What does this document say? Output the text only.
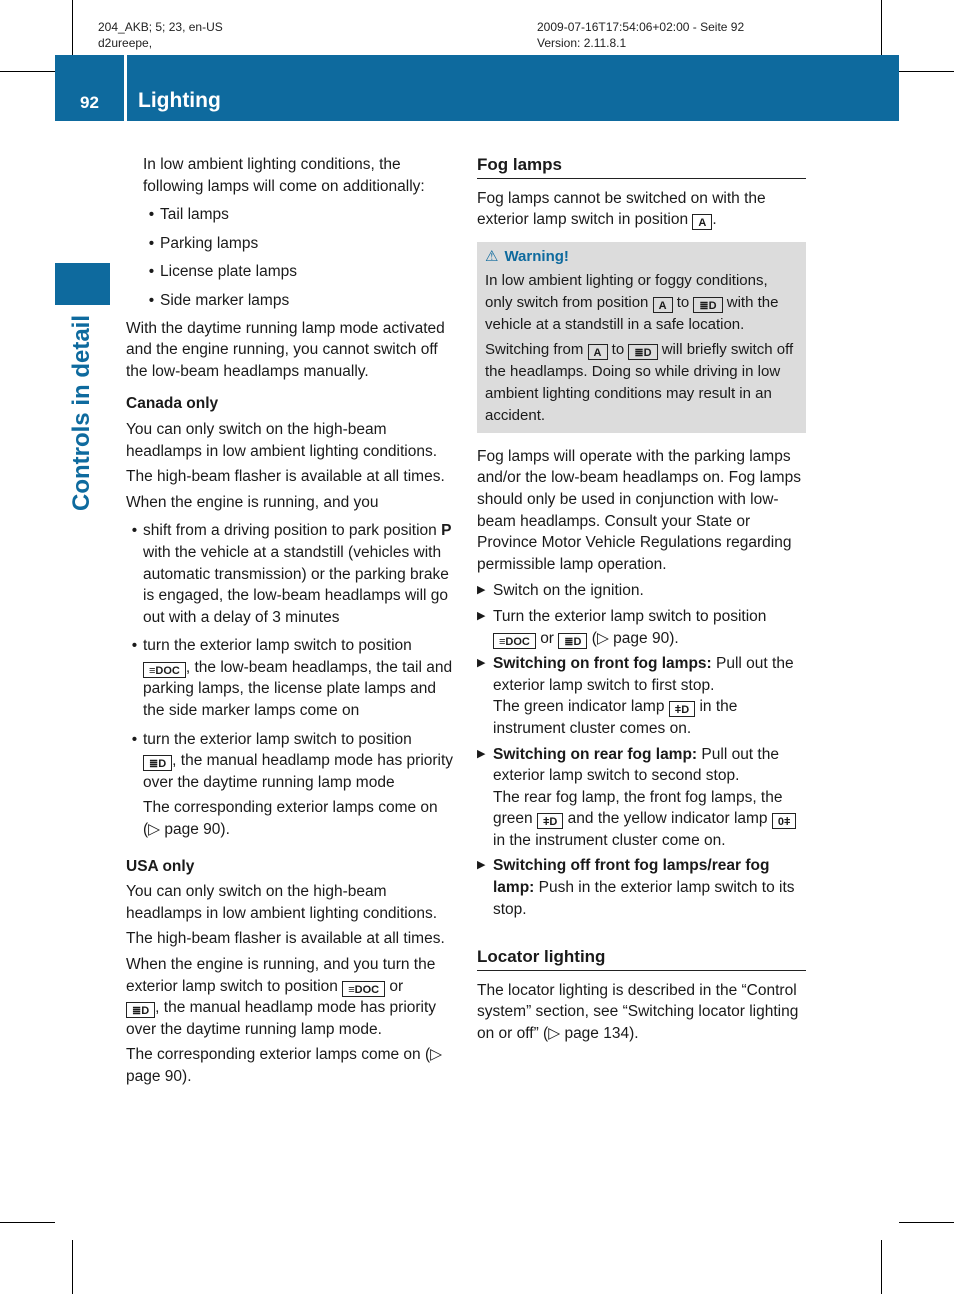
204_AKB; 5; 23, en-US
d2ureepe,
2009-07-16T17:54:06+02:00 - Seite 92
Version: 2.11.8.1
92	Lighting
Controls in detail

In low ambient lighting conditions, the following lamps will come on additionally:

• Tail lamps
• Parking lamps
• License plate lamps
• Side marker lamps

With the daytime running lamp mode activated and the engine running, you cannot switch off the low-beam headlamps manually.

Canada only

You can only switch on the high-beam headlamps in low ambient lighting conditions.

The high-beam flasher is available at all times.

When the engine is running, and you

• shift from a driving position to park position P with the vehicle at a standstill (vehicles with automatic transmission) or the parking brake is engaged, the low-beam headlamps will go out with a delay of 3 minutes
• turn the exterior lamp switch to position
≡DOC , the low-beam headlamps, the tail and parking lamps, the license plate lamps and the side marker lamps come on
• turn the exterior lamp switch to position
≣D , the manual headlamp mode has priority over the daytime running lamp mode
The corresponding exterior lamps come on (▷ page 90).
USA only

You can only switch on the high-beam headlamps in low ambient lighting conditions.

The high-beam flasher is available at all times.

When the engine is running, and you turn the exterior lamp switch to position ≡DOC or
≣D , the manual headlamp mode has priority over the daytime running lamp mode.

The corresponding exterior lamps come on (▷ page 90).

Fog lamps

Fog lamps cannot be switched on with the exterior lamp switch in position A .

⚠ Warning!

In low ambient lighting or foggy conditions, only switch from position A to ≣D with the vehicle at a standstill in a safe location.

Switching from A to ≣D will briefly switch off the headlamps. Doing so while driving in low ambient lighting conditions may result in an accident.

Fog lamps will operate with the parking lamps and/or the low-beam headlamps on. Fog lamps should only be used in conjunction with low-beam headlamps. Consult your State or Province Motor Vehicle Regulations regarding permissible lamp operation.

▶ Switch on the ignition.
▶ Turn the exterior lamp switch to position
≡DOC or ≣D (▷ page 90).
▶ Switching on front fog lamps: Pull out the exterior lamp switch to first stop.
The green indicator lamp ǂD in the instrument cluster comes on.
▶ Switching on rear fog lamp: Pull out the exterior lamp switch to second stop.
The rear fog lamp, the front fog lamps, the green ǂD and the yellow indicator lamp 0ǂ in the instrument cluster come on.
▶ Switching off front fog lamps/rear fog lamp: Push in the exterior lamp switch to its stop.
Locator lighting

The locator lighting is described in the “Control system” section, see “Switching locator lighting on or off” (▷ page 134).
